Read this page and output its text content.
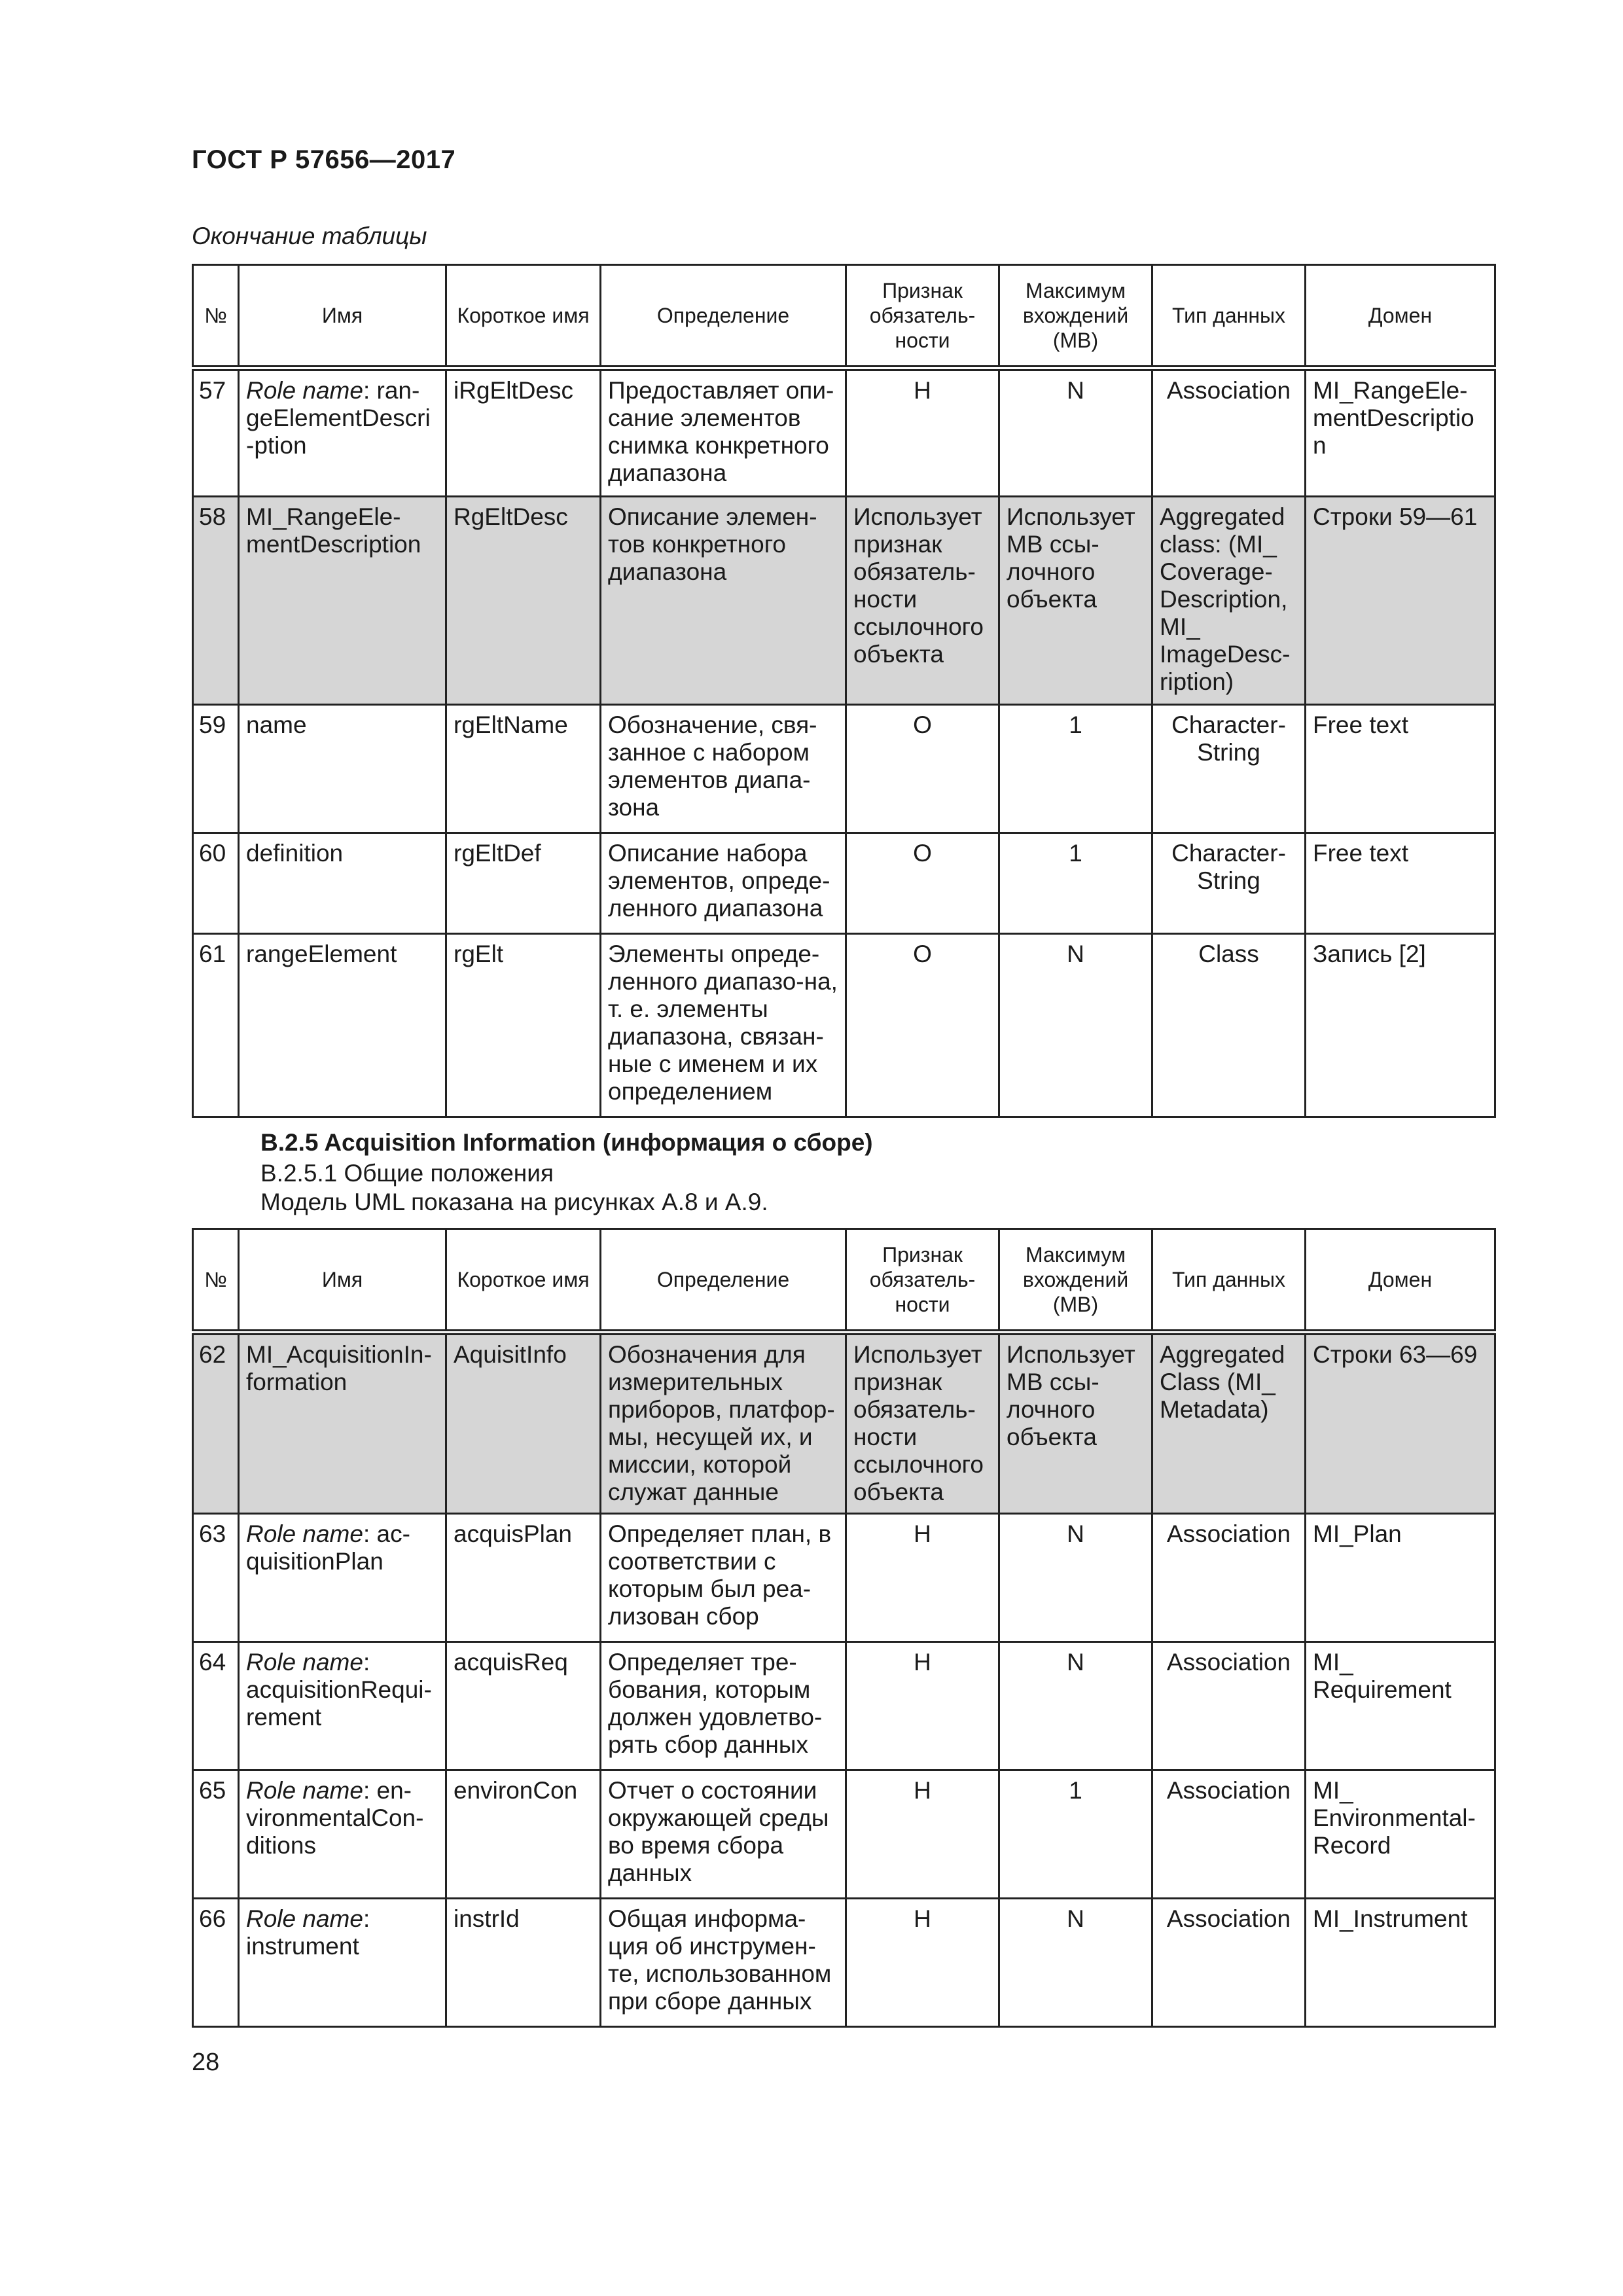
ГОСТ Р 57656—2017
Окончание таблицы
№	Имя	Короткое имя	Определение	Признак обязатель-ности	Максимум вхождений (МВ)	Тип данных	Домен
57	Role name: ran-geElementDescri-ption	iRgEltDesc	Предоставляет опи-сание элементов снимка конкретного диапазона	Н	N	Association	MI_RangeEle-mentDescription
58	MI_RangeEle-mentDescription	RgEltDesc	Описание элемен-тов конкретного диапазона	Использует признак обязатель-ности ссылочного объекта	Использует МВ ссы-лочного объекта	Aggregated class: (MI_ Coverage-Description, MI_ ImageDesc-ription)	Строки 59—61
59	name	rgEltName	Обозначение, свя-занное с набором элементов диапа-зона	О	1	Character-String	Free text
60	definition	rgEltDef	Описание набора элементов, опреде-ленного диапазона	О	1	Character-String	Free text
61	rangeElement	rgElt	Элементы опреде-ленного диапазо-на, т. е. элементы диапазона, связан-ные с именем и их определением	О	N	Class	Запись [2]
B.2.5 Acquisition Information (информация о сборе)
B.2.5.1 Общие положения
Модель UML показана на рисунках А.8 и А.9.
№	Имя	Короткое имя	Определение	Признак обязатель-ности	Максимум вхождений (МВ)	Тип данных	Домен
62	MI_AcquisitionIn-formation	AquisitInfo	Обозначения для измерительных приборов, платфор-мы, несущей их, и миссии, которой служат данные	Использует признак обязатель-ности ссылочного объекта	Использует МВ ссы-лочного объекта	Aggregated Class (MI_ Metadata)	Строки 63—69
63	Role name: ac-quisitionPlan	acquisPlan	Определяет план, в соответствии с которым был реа-лизован сбор	Н	N	Association	MI_Plan
64	Role name: acquisitionRequi-rement	acquisReq	Определяет тре-бования, которым должен удовлетво-рять сбор данных	Н	N	Association	MI_ Requirement
65	Role name: en-vironmentalCon-ditions	environCon	Отчет о состоянии окружающей среды во время сбора данных	Н	1	Association	MI_ Environmental-Record
66	Role name: instrument	instrId	Общая информа-ция об инструмен-те, использованном при сборе данных	Н	N	Association	MI_Instrument
28
